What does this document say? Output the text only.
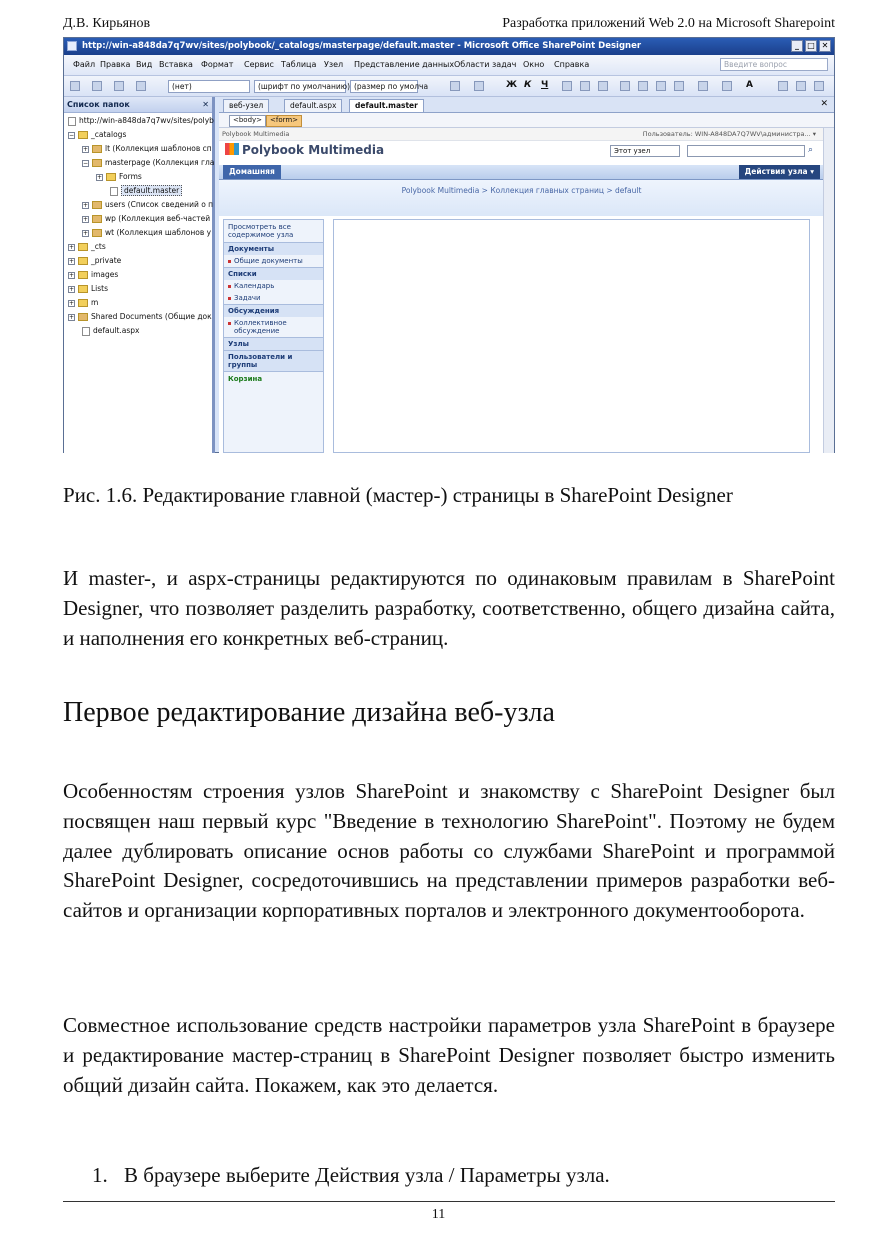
Д.В. Кирьянов	Разработка приложений Web 2.0 на Microsoft Sharepoint
http://win-a848da7q7wv/sites/polybook/_catalogs/masterpage/default.master - Microsoft Office SharePoint Designer	_	□ ✕
Файл Правка Вид Вставка Формат Сервис Таблица Узел Представление данных Области задач Окно Справка	Введите вопрос
(нет)	(шрифт по умолчанию) (размер по умолча	Ж К Ч	A
Список папок	✕
http://win-a848da7q7wv/sites/polyb
− _catalogs
+ lt (Коллекция шаблонов сп
− masterpage (Коллекция гла
+ Forms
default.master
+ users (Список сведений о п
+ wp (Коллекция веб-частей
+ wt (Коллекция шаблонов у
+ _cts
+ _private
+ images
+ Lists
+ m
+ Shared Documents (Общие док
default.aspx
веб-узел	default.aspx	default.master	✕
<body>	<form>
Polybook Multimedia	Пользователь: WIN-A848DA7Q7WV\администра... ▾
Polybook Multimedia	Этот узел	⌕
Домашняя	Действия узла ▾
Polybook Multimedia > Коллекция главных страниц > default
Просмотреть все содержимое узла
Документы
Общие документы
Списки
Календарь
Задачи
Обсуждения
Коллективное обсуждение
Узлы
Пользователи и группы
Корзина
Рис. 1.6. Редактирование главной (мастер-) страницы в SharePoint Designer
И master-, и aspx-страницы редактируются по одинаковым правилам в SharePoint Designer, что позволяет разделить разработку, соответственно, общего дизайна сайта, и наполнения его конкретных веб-страниц.
Первое редактирование дизайна веб-узла
Особенностям строения узлов SharePoint и знакомству с SharePoint Designer был посвящен наш первый курс "Введение в технологию SharePoint". Поэтому не будем далее дублировать описание основ работы со службами SharePoint и программой SharePoint Designer, сосредоточившись на представлении примеров разработки веб-сайтов и организации корпоративных порталов и электронного документооборота.
Совместное использование средств настройки параметров узла SharePoint в браузере и редактирование мастер-страниц в SharePoint Designer позволяет быстро изменить общий дизайн сайта. Покажем, как это делается.
1. В браузере выберите Действия узла / Параметры узла.
11
